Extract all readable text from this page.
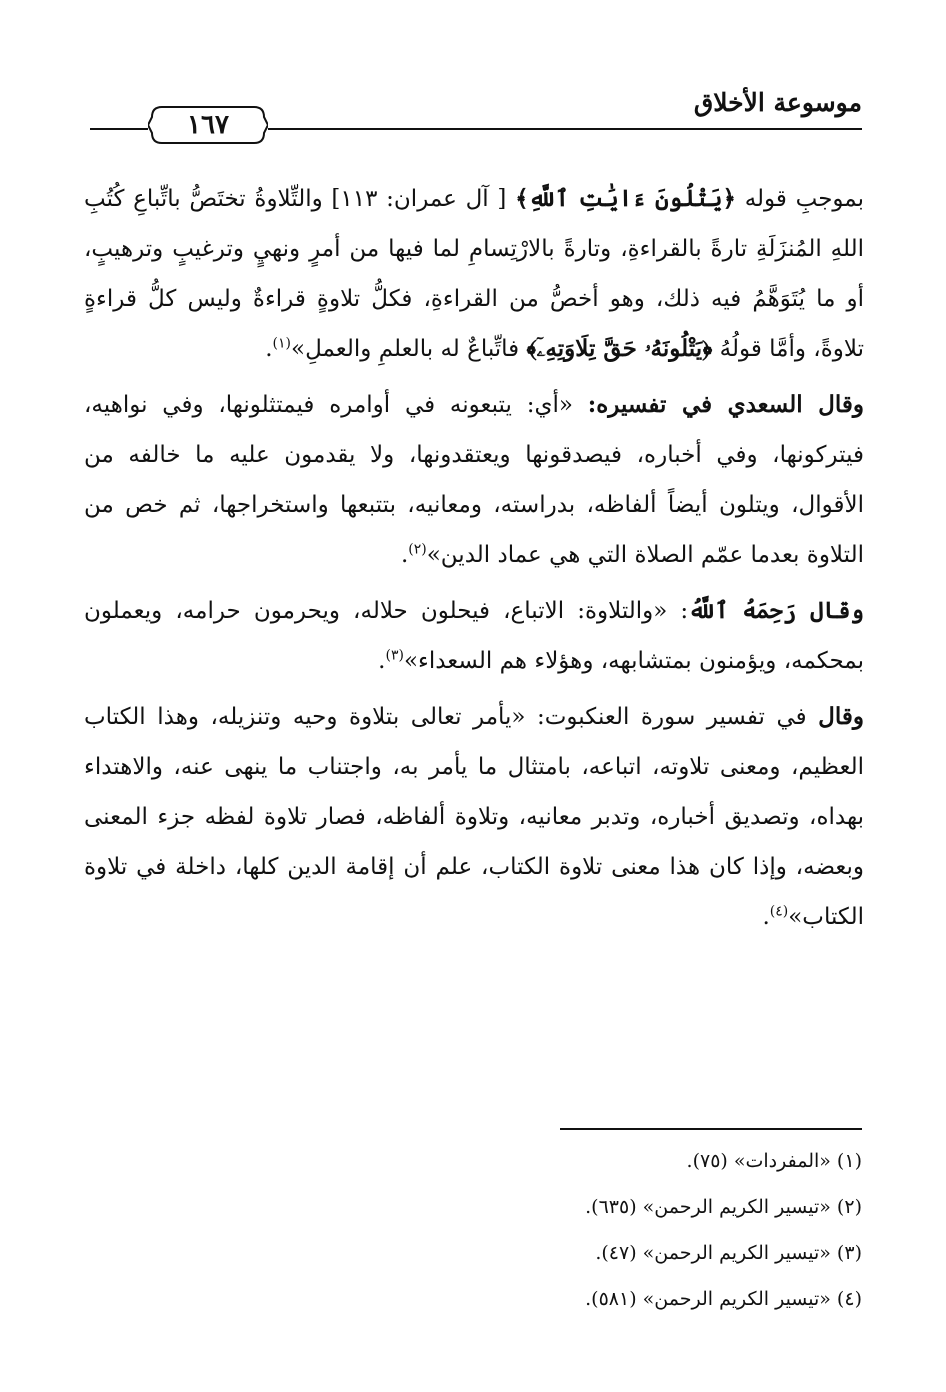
موسوعة الأخلاق
١٦٧

بموجبِ قوله ﴿يَتْلُونَ ءَايَٰتِ ٱللَّهِ﴾ [ آل عمران: ١١٣] والتِّلاوةُ تختَصُّ باتِّباعِ كُتُبِ اللهِ المُنزَلَةِ تارةً بالقراءةِ، وتارةً بالارْتِسامِ لما فيها من أمرٍ ونهيٍ وترغيبٍ وترهيبٍ، أو ما يُتَوَهَّمُ فيه ذلك، وهو أخصُّ من القراءةِ، فكلُّ تلاوةٍ قراءةٌ وليس كلُّ قراءةٍ تلاوةً، وأمَّا قولُهُ ﴿يَتْلُونَهُۥ حَقَّ تِلَاوَتِهِۦٓ﴾ فاتِّباعٌ له بالعلمِ والعملِ»$^{(١)}$.

وقال السعدي في تفسيره: «أي: يتبعونه في أوامره فيمتثلونها، وفي نواهيه، فيتركونها، وفي أخباره، فيصدقونها ويعتقدونها، ولا يقدمون عليه ما خالفه من الأقوال، ويتلون أيضاً ألفاظه، بدراسته، ومعانيه، بتتبعها واستخراجها، ثم خص من التلاوة بعدما عمّم الصلاة التي هي عماد الدين»$^{(٢)}$.

وقال رَحِمَهُ ٱللَّهُ: «والتلاوة: الاتباع، فيحلون حلاله، ويحرمون حرامه، ويعملون بمحكمه، ويؤمنون بمتشابهه، وهؤلاء هم السعداء»$^{(٣)}$.

وقال في تفسير سورة العنكبوت: «يأمر تعالى بتلاوة وحيه وتنزيله، وهذا الكتاب العظيم، ومعنى تلاوته، اتباعه، بامتثال ما يأمر به، واجتناب ما ينهى عنه، والاهتداء بهداه، وتصديق أخباره، وتدبر معانيه، وتلاوة ألفاظه، فصار تلاوة لفظه جزء المعنى وبعضه، وإذا كان هذا معنى تلاوة الكتاب، علم أن إقامة الدين كلها، داخلة في تلاوة الكتاب»$^{(٤)}$.

(١) «المفردات» (٧٥).
(٢) «تيسير الكريم الرحمن» (٦٣٥).
(٣) «تيسير الكريم الرحمن» (٤٧).
(٤) «تيسير الكريم الرحمن» (٥٨١).
